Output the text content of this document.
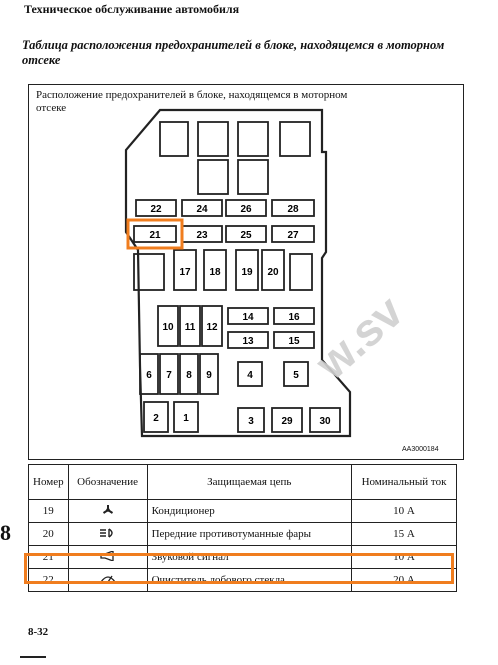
Техническое обслуживание автомобиля
Таблица расположения предохранителей в блоке, находящемся в моторном отсеке
Расположение предохранителей в блоке, находящемся в моторном отсеке
22	24	26	28
21	23	25	27
17 18 19 20
14	16
10 11 12
13	15
6 7 8 9	4	5
2 1	3	29	30
AA3000184
w.sv
Номер	Обозначение	Защищаемая цепь	Номинальный ток
19		Кондиционер	10 А
20		Передние противотуманные фары	15 А
21		Звуковой сигнал	10 А
22		Очиститель лобового стекла	20 А
8
8-32
